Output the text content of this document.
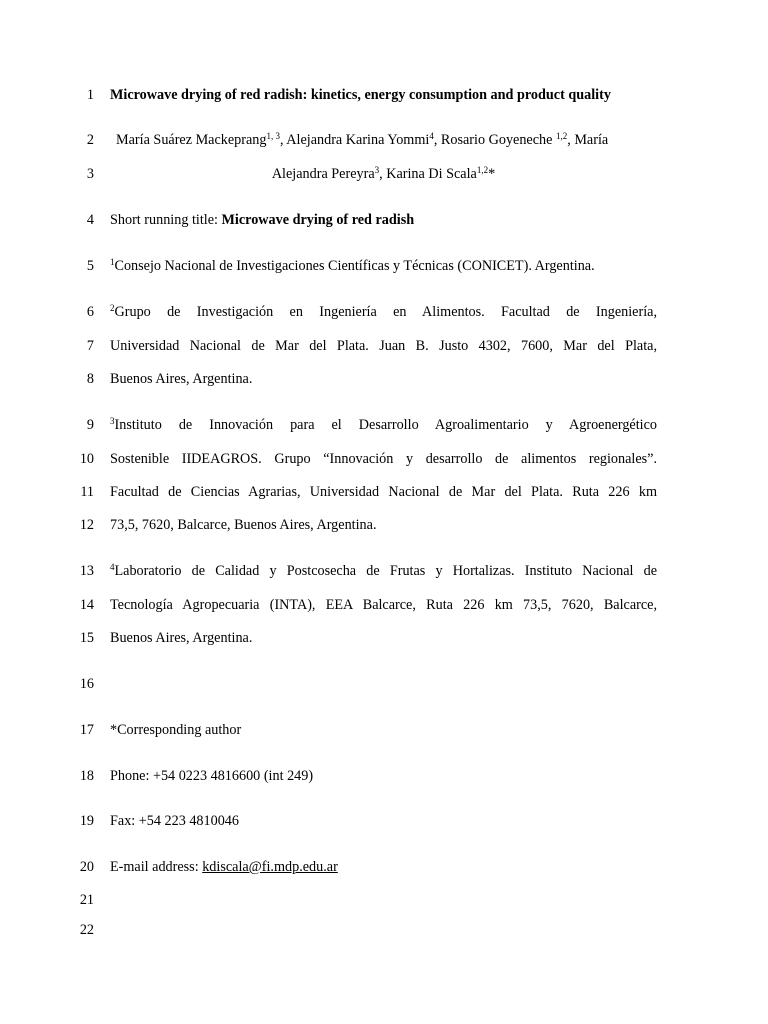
1
2
3
4
5
6
7
8
9
10
11
12
13
14
15
16
17
18
19
20
21
22
Microwave drying of red radish: kinetics, energy consumption and product quality
María Suárez Mackeprang$^{1, 3}$, Alejandra Karina Yommi$^4$, Rosario Goyeneche $^{1,2}$, María
Alejandra Pereyra$^3$, Karina Di Scala$^{1,2}$*
Short running title: Microwave drying of red radish
$^1$Consejo Nacional de Investigaciones Científicas y Técnicas (CONICET). Argentina.
$^2$Grupo de Investigación en Ingeniería en Alimentos. Facultad de Ingeniería,
Universidad Nacional de Mar del Plata. Juan B. Justo 4302, 7600, Mar del Plata,
Buenos Aires, Argentina.
$^3$Instituto de Innovación para el Desarrollo Agroalimentario y Agroenergético
Sostenible IIDEAGROS. Grupo “Innovación y desarrollo de alimentos regionales”.
Facultad de Ciencias Agrarias, Universidad Nacional de Mar del Plata. Ruta 226 km
73,5, 7620, Balcarce, Buenos Aires, Argentina.
$^4$Laboratorio de Calidad y Postcosecha de Frutas y Hortalizas. Instituto Nacional de
Tecnología Agropecuaria (INTA), EEA Balcarce, Ruta 226 km 73,5, 7620, Balcarce,
Buenos Aires, Argentina.
*Corresponding author
Phone: +54 0223 4816600 (int 249)
Fax: +54 223 4810046
E-mail address: kdiscala@fi.mdp.edu.ar
